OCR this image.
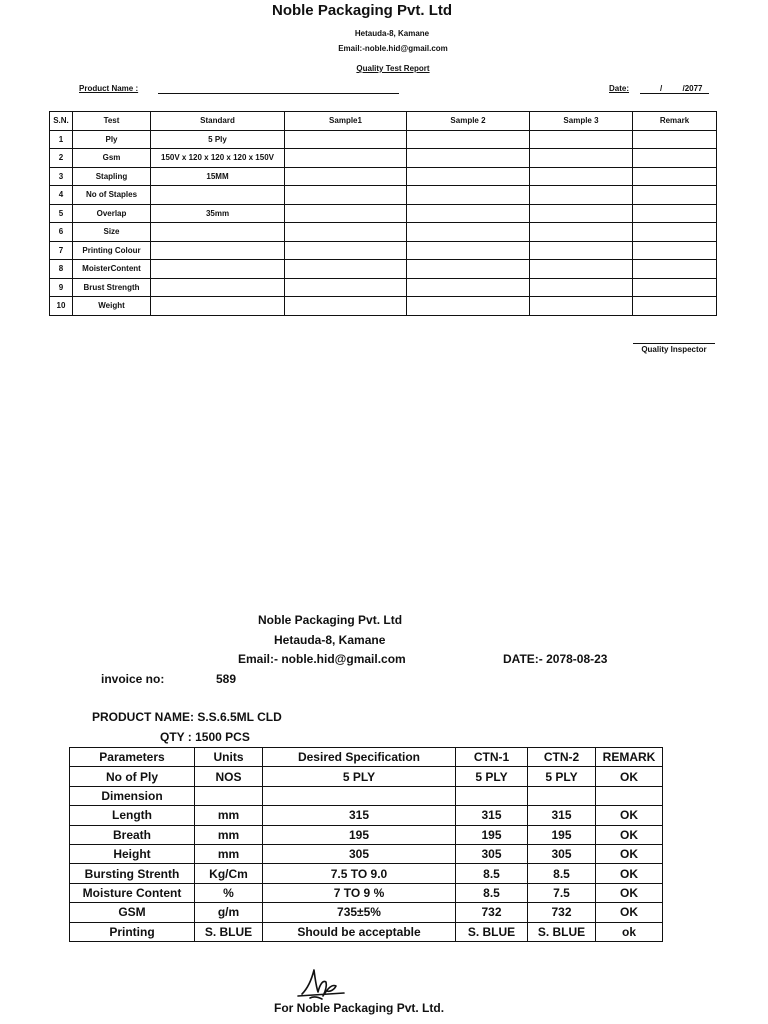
Noble Packaging Pvt. Ltd
Hetauda-8, Kamane
Email:-noble.hid@gmail.com
Quality Test Report
Product Name :	Date:	/	/2077
S.N.	Test	Standard	Sample1	Sample 2	Sample 3	Remark
1	Ply	5 Ply				
2	Gsm	150V x 120 x 120 x 120 x 150V				
3	Stapling	15MM				
4	No of Staples					
5	Overlap	35mm				
6	Size					
7	Printing Colour					
8	MoisterContent					
9	Brust Strength					
10	Weight					
Quality Inspector
Noble Packaging Pvt. Ltd
Hetauda-8, Kamane
Email:- noble.hid@gmail.com	DATE:- 2078-08-23
invoice no:	589
PRODUCT NAME: S.S.6.5ML CLD
QTY : 1500 PCS
Parameters	Units	Desired Specification	CTN-1	CTN-2	REMARK
No of Ply	NOS	5 PLY	5 PLY	5 PLY	OK
Dimension					
Length	mm	315	315	315	OK
Breath	mm	195	195	195	OK
Height	mm	305	305	305	OK
Bursting Strenth	Kg/Cm	7.5 TO 9.0	8.5	8.5	OK
Moisture Content	%	7 TO 9 %	8.5	7.5	OK
GSM	g/m	735±5%	732	732	OK
Printing	S. BLUE	Should be acceptable	S. BLUE	S. BLUE	ok
For Noble Packaging Pvt. Ltd.
